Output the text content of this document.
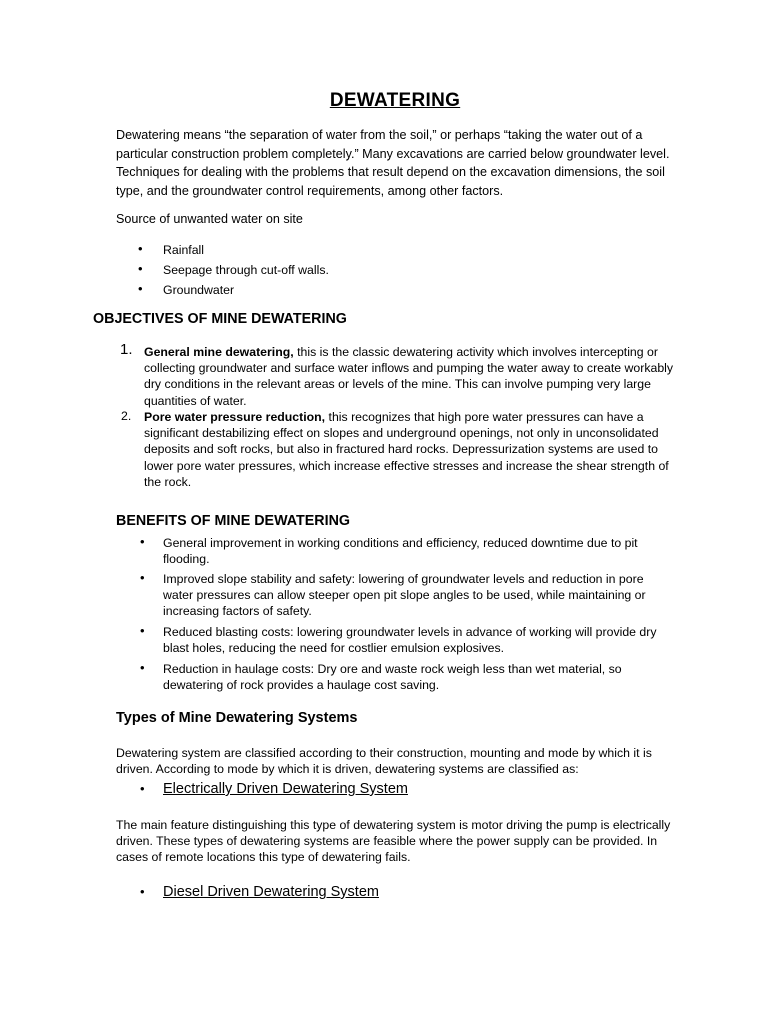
DEWATERING
Dewatering means “the separation of water from the soil,” or perhaps “taking the water out of a particular construction problem completely.” Many excavations are carried below groundwater level. Techniques for dealing with the problems that result depend on the excavation dimensions, the soil type, and the groundwater control requirements, among other factors.
Source of unwanted water on site
• Rainfall
• Seepage through cut-off walls.
• Groundwater
OBJECTIVES OF MINE DEWATERING
1. General mine dewatering, this is the classic dewatering activity which involves intercepting or collecting groundwater and surface water inflows and pumping the water away to create workably dry conditions in the relevant areas or levels of the mine. This can involve pumping very large quantities of water.
2. Pore water pressure reduction, this recognizes that high pore water pressures can have a significant destabilizing effect on slopes and underground openings, not only in unconsolidated deposits and soft rocks, but also in fractured hard rocks. Depressurization systems are used to lower pore water pressures, which increase effective stresses and increase the shear strength of the rock.
BENEFITS OF MINE DEWATERING
• General improvement in working conditions and efficiency, reduced downtime due to pit flooding.
• Improved slope stability and safety: lowering of groundwater levels and reduction in pore water pressures can allow steeper open pit slope angles to be used, while maintaining or increasing factors of safety.
• Reduced blasting costs: lowering groundwater levels in advance of working will provide dry blast holes, reducing the need for costlier emulsion explosives.
• Reduction in haulage costs: Dry ore and waste rock weigh less than wet material, so dewatering of rock provides a haulage cost saving.
Types of Mine Dewatering Systems
Dewatering system are classified according to their construction, mounting and mode by which it is driven. According to mode by which it is driven, dewatering systems are classified as:
• Electrically Driven Dewatering System
The main feature distinguishing this type of dewatering system is motor driving the pump is electrically driven. These types of dewatering systems are feasible where the power supply can be provided. In cases of remote locations this type of dewatering fails.
• Diesel Driven Dewatering System
